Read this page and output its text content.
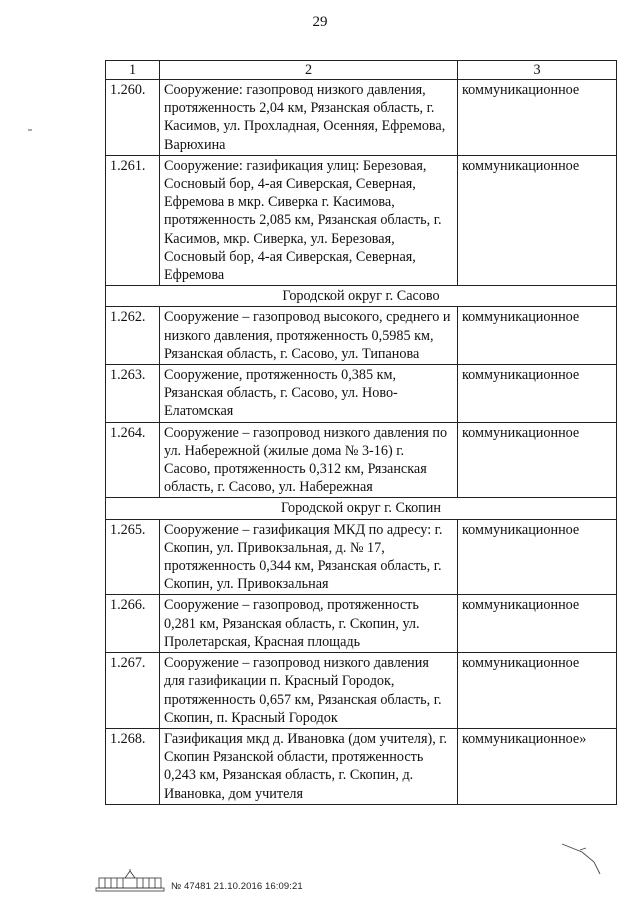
29
1	2	3
1.260.	Сооружение: газопровод низкого давления, протяженность 2,04 км, Рязанская область, г. Касимов, ул. Прохладная, Осенняя, Ефремова, Варюхина	коммуникационное
1.261.	Сооружение: газификация улиц: Березовая, Сосновый бор, 4-ая Сиверская, Северная, Ефремова в мкр. Сиверка г. Касимова, протяженность 2,085 км, Рязанская область, г. Касимов, мкр. Сиверка, ул. Березовая, Сосновый бор, 4-ая Сиверская, Северная, Ефремова	коммуникационное
Городской округ г. Сасово		
1.262.	Сооружение – газопровод высокого, среднего и низкого давления, протяженность 0,5985 км, Рязанская область, г. Сасово, ул. Типанова	коммуникационное
1.263.	Сооружение, протяженность 0,385 км, Рязанская область, г. Сасово, ул. Ново-Елатомская	коммуникационное
1.264.	Сооружение – газопровод низкого давления по ул. Набережной (жилые дома № 3-16) г. Сасово, протяженность 0,312 км, Рязанская область, г. Сасово, ул. Набережная	коммуникационное
Городской округ г. Скопин		
1.265.	Сооружение – газификация МКД по адресу: г. Скопин, ул. Привокзальная, д. № 17, протяженность 0,344 км, Рязанская область, г. Скопин, ул. Привокзальная	коммуникационное
1.266.	Сооружение – газопровод, протяженность 0,281 км, Рязанская область, г. Скопин, ул. Пролетарская, Красная площадь	коммуникационное
1.267.	Сооружение – газопровод низкого давления для газификации п. Красный Городок, протяженность 0,657 км, Рязанская область, г. Скопин, п. Красный Городок	коммуникационное
1.268.	Газификация мкд д. Ивановка (дом учителя), г. Скопин Рязанской области, протяженность 0,243 км, Рязанская область, г. Скопин, д. Ивановка, дом учителя	коммуникационное»
№ 47481 21.10.2016 16:09:21
